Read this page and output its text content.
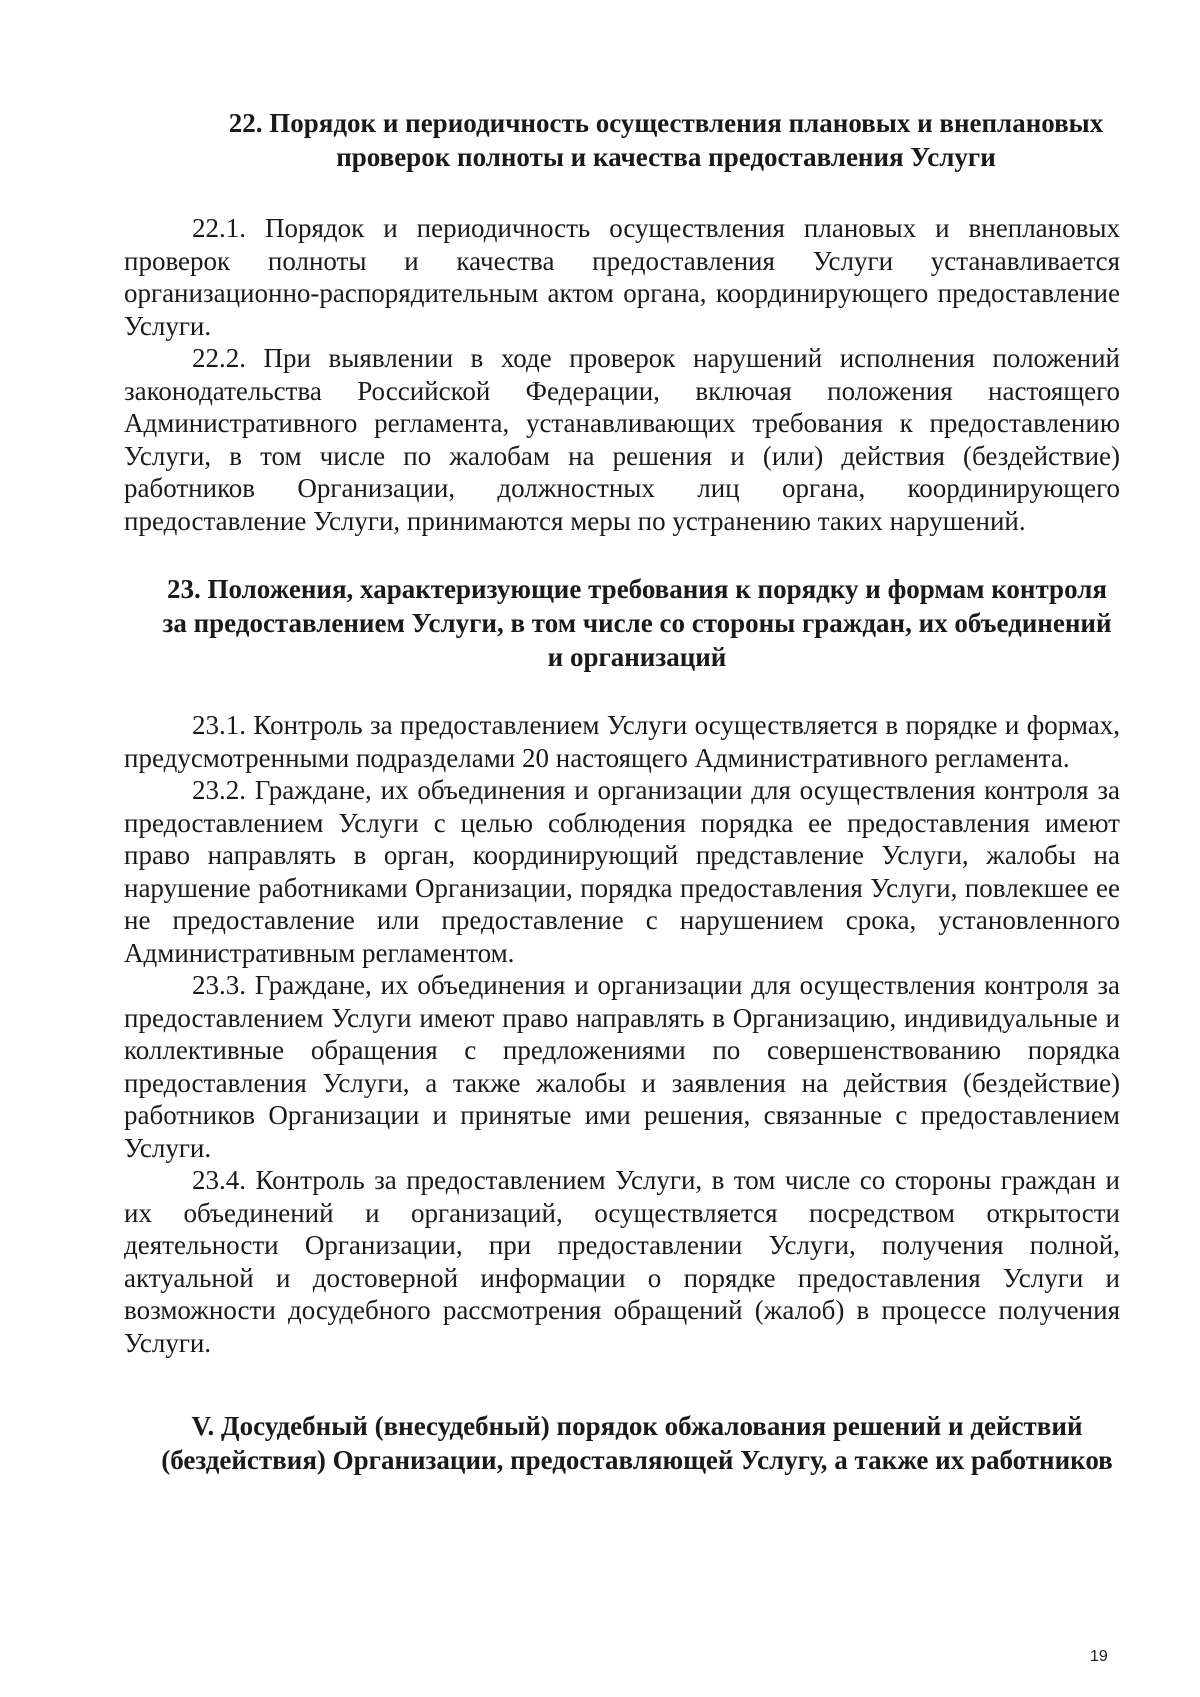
22. Порядок и периодичность осуществления плановых и внеплановых проверок полноты и качества предоставления Услуги

22.1. Порядок и периодичность осуществления плановых и внеплановых проверок полноты и качества предоставления Услуги устанавливается организационно-распорядительным актом органа, координирующего предоставление Услуги.

22.2. При выявлении в ходе проверок нарушений исполнения положений законодательства Российской Федерации, включая положения настоящего Административного регламента, устанавливающих требования к предоставлению Услуги, в том числе по жалобам на решения и (или) действия (бездействие) работников Организации, должностных лиц органа, координирующего предоставление Услуги, принимаются меры по устранению таких нарушений.

23. Положения, характеризующие требования к порядку и формам контроля за предоставлением Услуги, в том числе со стороны граждан, их объединений и организаций

23.1. Контроль за предоставлением Услуги осуществляется в порядке и формах, предусмотренными подразделами 20 настоящего Административного регламента.

23.2. Граждане, их объединения и организации для осуществления контроля за предоставлением Услуги с целью соблюдения порядка ее предоставления имеют право направлять в орган, координирующий представление Услуги, жалобы на нарушение работниками Организации, порядка предоставления Услуги, повлекшее ее не предоставление или предоставление с нарушением срока, установленного Административным регламентом.

23.3. Граждане, их объединения и организации для осуществления контроля за предоставлением Услуги имеют право направлять в Организацию, индивидуальные и коллективные обращения с предложениями по совершенствованию порядка предоставления Услуги, а также жалобы и заявления на действия (бездействие) работников Организации и принятые ими решения, связанные с предоставлением Услуги.

23.4. Контроль за предоставлением Услуги, в том числе со стороны граждан и их объединений и организаций, осуществляется посредством открытости деятельности Организации, при предоставлении Услуги, получения полной, актуальной и достоверной информации о порядке предоставления Услуги и возможности досудебного рассмотрения обращений (жалоб) в процессе получения Услуги.

V. Досудебный (внесудебный) порядок обжалования решений и действий (бездействия) Организации, предоставляющей Услугу, а также их работников
19
